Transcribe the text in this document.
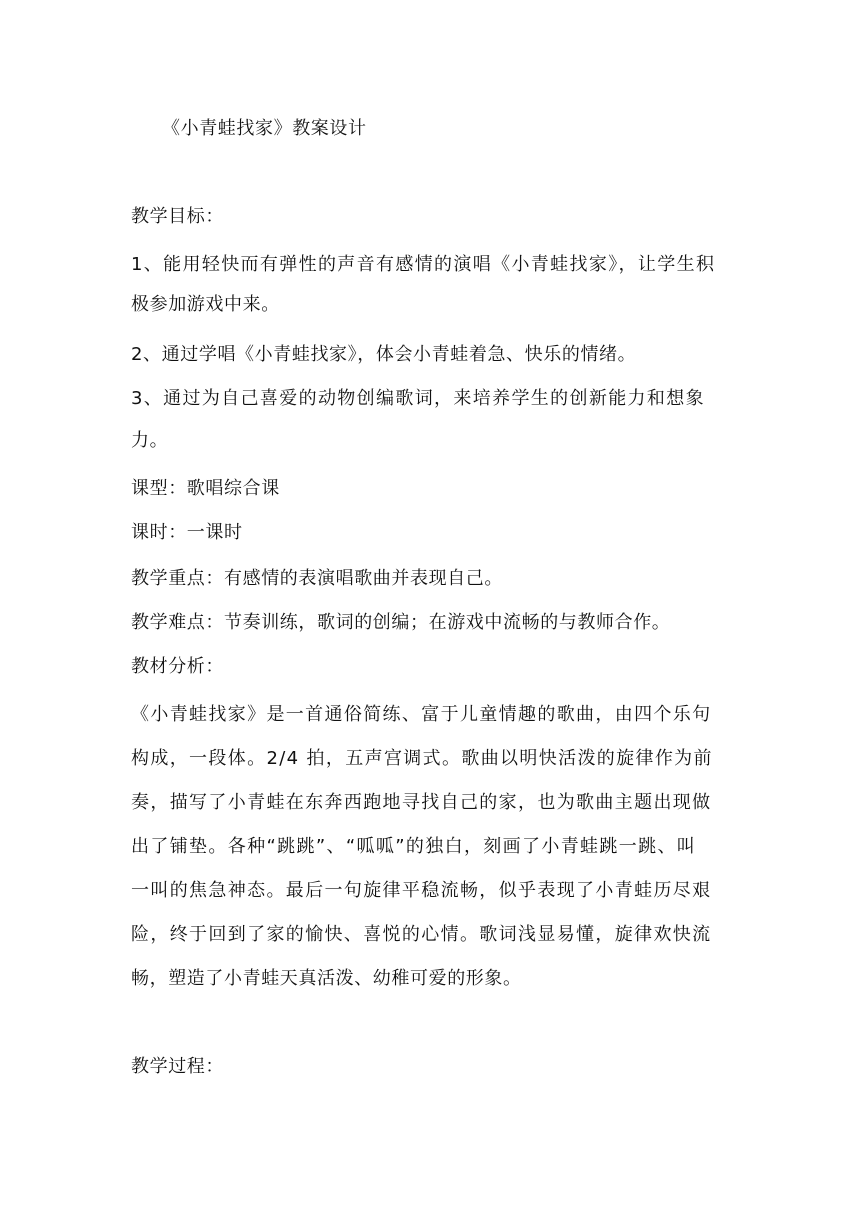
《小青蛙找家》教案设计
教学目标：
1、能用轻快而有弹性的声音有感情的演唱《小青蛙找家》，让学生积
极参加游戏中来。
2、通过学唱《小青蛙找家》，体会小青蛙着急、快乐的情绪。
3、通过为自己喜爱的动物创编歌词，来培养学生的创新能力和想象
力。
课型：歌唱综合课
课时：一课时
教学重点：有感情的表演唱歌曲并表现自己。
教学难点：节奏训练，歌词的创编；在游戏中流畅的与教师合作。
教材分析：
《小青蛙找家》是一首通俗简练、富于儿童情趣的歌曲，由四个乐句
构成，一段体。2/4 拍，五声宫调式。歌曲以明快活泼的旋律作为前
奏，描写了小青蛙在东奔西跑地寻找自己的家，也为歌曲主题出现做
出了铺垫。各种“跳跳”、“呱呱”的独白，刻画了小青蛙跳一跳、叫
一叫的焦急神态。最后一句旋律平稳流畅，似乎表现了小青蛙历尽艰
险，终于回到了家的愉快、喜悦的心情。歌词浅显易懂，旋律欢快流
畅，塑造了小青蛙天真活泼、幼稚可爱的形象。
教学过程：
